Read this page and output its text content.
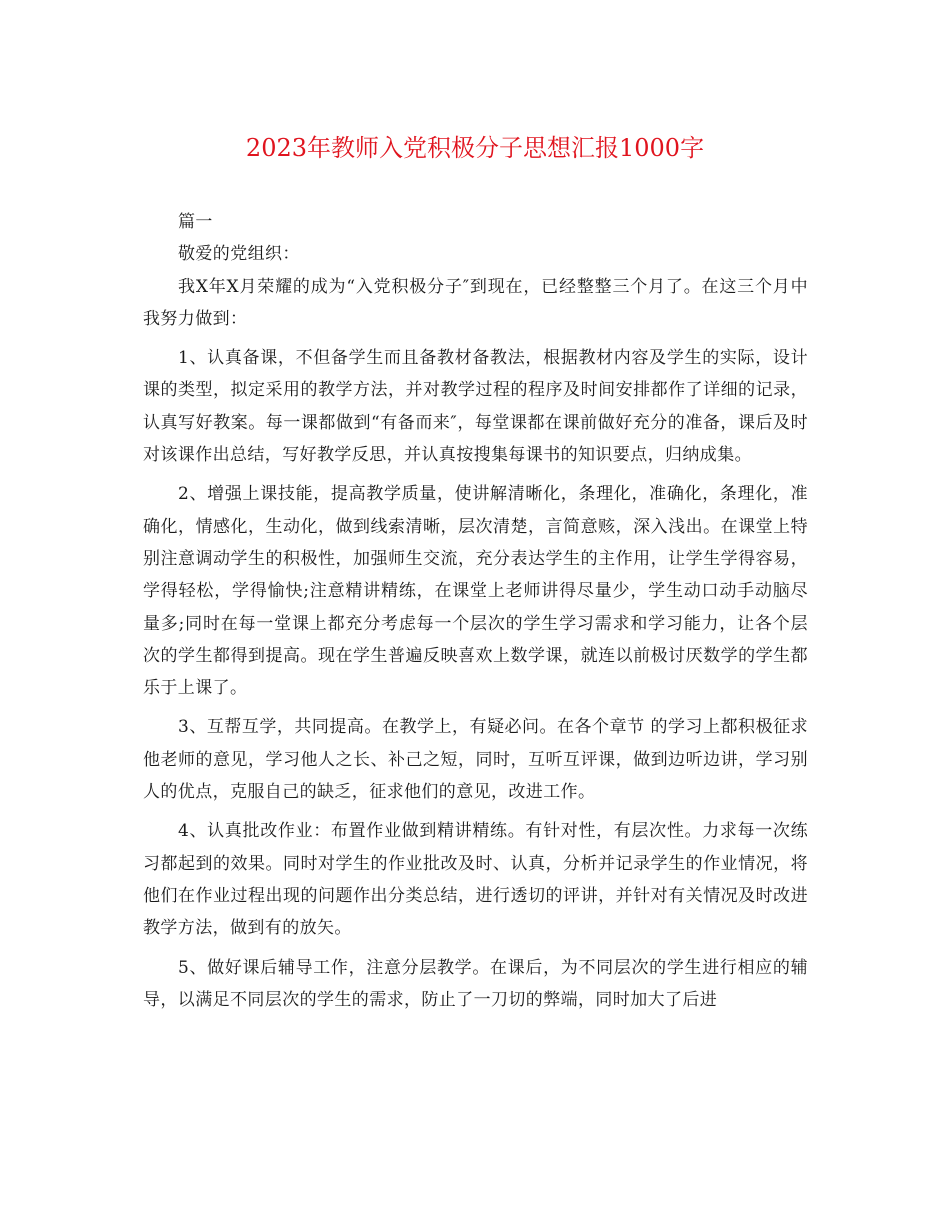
2023年教师入党积极分子思想汇报1000字

篇一

敬爱的党组织：

我X年X月荣耀的成为“入党积极分子″到现在，已经整整三个月了。在这三个月中我努力做到：

1、认真备课，不但备学生而且备教材备教法，根据教材内容及学生的实际，设计课的类型，拟定采用的教学方法，并对教学过程的程序及时间安排都作了详细的记录，认真写好教案。每一课都做到“有备而来″，每堂课都在课前做好充分的准备，课后及时对该课作出总结，写好教学反思，并认真按搜集每课书的知识要点，归纳成集。

2、增强上课技能，提高教学质量，使讲解清晰化，条理化，准确化，条理化，准确化，情感化，生动化，做到线索清晰，层次清楚，言简意赅，深入浅出。在课堂上特别注意调动学生的积极性，加强师生交流，充分表达学生的主作用，让学生学得容易，学得轻松，学得愉快;注意精讲精练，在课堂上老师讲得尽量少，学生动口动手动脑尽量多;同时在每一堂课上都充分考虑每一个层次的学生学习需求和学习能力，让各个层次的学生都得到提高。现在学生普遍反映喜欢上数学课，就连以前极讨厌数学的学生都乐于上课了。

3、互帮互学，共同提高。在教学上，有疑必问。在各个章节 的学习上都积极征求他老师的意见，学习他人之长、补己之短，同时，互听互评课，做到边听边讲，学习别人的优点，克服自己的缺乏，征求他们的意见，改进工作。

4、认真批改作业：布置作业做到精讲精练。有针对性，有层次性。力求每一次练习都起到的效果。同时对学生的作业批改及时、认真，分析并记录学生的作业情况，将他们在作业过程出现的问题作出分类总结，进行透切的评讲，并针对有关情况及时改进教学方法，做到有的放矢。

5、做好课后辅导工作，注意分层教学。在课后，为不同层次的学生进行相应的辅导，以满足不同层次的学生的需求，防止了一刀切的弊端，同时加大了后进
